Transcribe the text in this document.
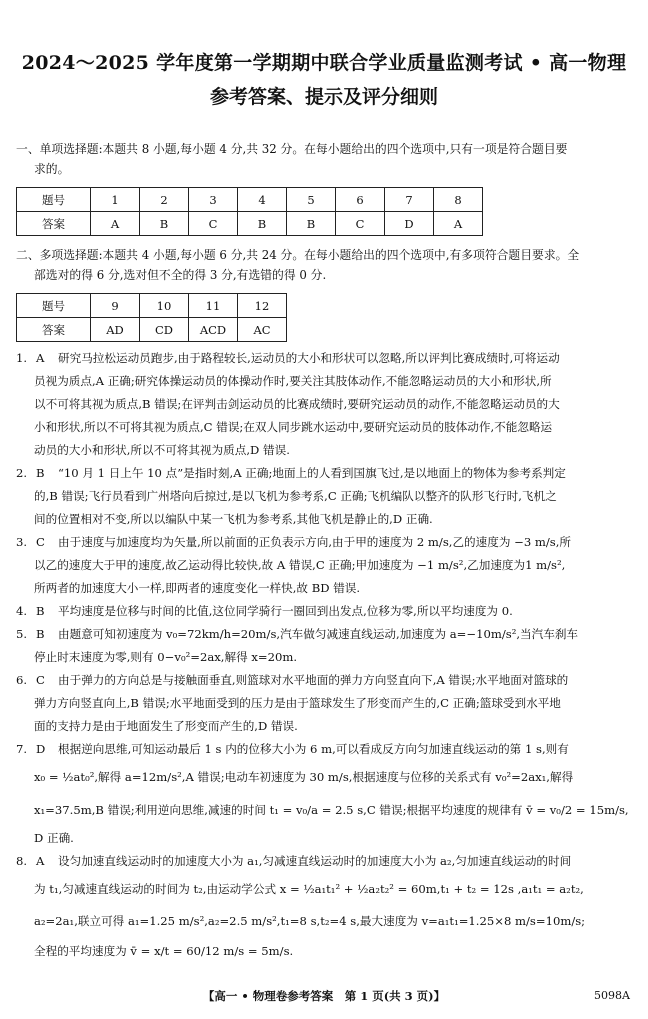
2024～2025 学年度第一学期期中联合学业质量监测考试 • 高一物理
参考答案、提示及评分细则
一、单项选择题:本题共 8 小题,每小题 4 分,共 32 分。在每小题给出的四个选项中,只有一项是符合题目要
求的。
题号	1	2	3	4	5	6	7	8
答案	A	B	C	B	B	C	D	A
二、多项选择题:本题共 4 小题,每小题 6 分,共 24 分。在每小题给出的四个选项中,有多项符合题目要求。全
部选对的得 6 分,选对但不全的得 3 分,有选错的得 0 分.
题号	9	10	11	12
答案	AD	CD	ACD	AC
1. A 研究马拉松运动员跑步,由于路程较长,运动员的大小和形状可以忽略,所以评判比赛成绩时,可将运动
员视为质点,A 正确;研究体操运动员的体操动作时,要关注其肢体动作,不能忽略运动员的大小和形状,所
以不可将其视为质点,B 错误;在评判击剑运动员的比赛成绩时,要研究运动员的动作,不能忽略运动员的大
小和形状,所以不可将其视为质点,C 错误;在双人同步跳水运动中,要研究运动员的肢体动作,不能忽略运
动员的大小和形状,所以不可将其视为质点,D 错误.
2. B “10 月 1 日上午 10 点”是指时刻,A 正确;地面上的人看到国旗飞过,是以地面上的物体为参考系判定
的,B 错误;飞行员看到广州塔向后掠过,是以飞机为参考系,C 正确;飞机编队以整齐的队形飞行时,飞机之
间的位置相对不变,所以以编队中某一飞机为参考系,其他飞机是静止的,D 正确.
3. C 由于速度与加速度均为矢量,所以前面的正负表示方向,由于甲的速度为 2 m/s,乙的速度为 −3 m/s,所
以乙的速度大于甲的速度,故乙运动得比较快,故 A 错误,C 正确;甲加速度为 −1 m/s²,乙加速度为1 m/s²,
所两者的加速度大小一样,即两者的速度变化一样快,故 BD 错误.
4. B 平均速度是位移与时间的比值,这位同学骑行一圈回到出发点,位移为零,所以平均速度为 0.
5. B 由题意可知初速度为 v₀=72km/h=20m/s,汽车做匀减速直线运动,加速度为 a=−10m/s²,当汽车刹车
停止时末速度为零,则有 0−v₀²=2ax,解得 x=20m.
6. C 由于弹力的方向总是与接触面垂直,则篮球对水平地面的弹力方向竖直向下,A 错误;水平地面对篮球的
弹力方向竖直向上,B 错误;水平地面受到的压力是由于篮球发生了形变而产生的,C 正确;篮球受到水平地
面的支持力是由于地面发生了形变而产生的,D 错误.
7. D 根据逆向思维,可知运动最后 1 s 内的位移大小为 6 m,可以看成反方向匀加速直线运动的第 1 s,则有
x₀ = ½at₀²,解得 a=12m/s²,A 错误;电动车初速度为 30 m/s,根据速度与位移的关系式有 v₀²=2ax₁,解得
x₁=37.5m,B 错误;利用逆向思维,减速的时间 t₁ = v₀/a = 2.5 s,C 错误;根据平均速度的规律有 v̄ = v₀/2 = 15m/s,
D 正确.
8. A 设匀加速直线运动时的加速度大小为 a₁,匀减速直线运动时的加速度大小为 a₂,匀加速直线运动的时间
为 t₁,匀减速直线运动的时间为 t₂,由运动学公式 x = ½a₁t₁² + ½a₂t₂² = 60m,t₁ + t₂ = 12s ,a₁t₁ = a₂t₂,
a₂=2a₁,联立可得 a₁=1.25 m/s²,a₂=2.5 m/s²,t₁=8 s,t₂=4 s,最大速度为 v=a₁t₁=1.25×8 m/s=10m/s;
全程的平均速度为 v̄ = x/t = 60/12 m/s = 5m/s.
【高一 • 物理卷参考答案　第 1 页(共 3 页)】	5098A
